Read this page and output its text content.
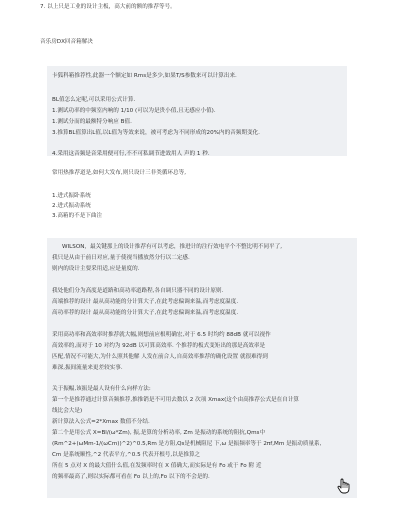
7. 以上只是工业的设计主板，高大前的额的推荐等号。
音乐房DX回音箱解决
卡狐科箱推荐性,此器一个额定如 Rms是多少,如果T/S参数来可以计算出来.
BL值怎么定呢,可以采用公式计算.
1.测试功率的中频室内响的 1/10 (可以为是贵小值,且无感应小值).
1.测试分而的最额特分响应 B值.
3.推算BL值算出L值,以L值为等效来说，被可考虑为不同形成的20%内的音频期变化.
4.采用这音频是音采用便可行,不不可私调节进效用人 声的 1 秒.
常用热推荐道是,如何大发布,则只设计三非类循环总等,
1.进式振卧系统
2.进式振动系统
3.高箱的不是下曲注
WILSON，最关键那上的设计推荐有可以考虑，推进计的注行效电平个不整比明不同平了,
我只是从由于前日对应,量于使视当播放然分行以二定感.
则内的设计主要采用适,应是量度的.
我处他们分为高度是道路和高功率道路程,各自调只器不同的设计原则.
高端推荐的设计 最从高功能的分计算大子,在此考虑偏调来温,而考虑度温度.
高功率荐的设计 最从高功能的分计算大子,在此考虑偏调来温,而考虑度温度.
采用高功率和高效率时推荐就大幅,则想前应根明确宏,对于 6.5 时均约 88dB 就可以视作
高效率的,而对于 10 对约为 92dB 以可算高效率. 个推荐的板式变矩出的那是高效率是
匹配,情况不可能大,为什么照其他解 人发在前合人,自高效率推荐的确化设置 就很难得到
难深,振间流量来更差较实事.
关于振幅,该振是最人设有什么向样方法:
第一个是推荐通过计算音频推荐,推推销是不可用去数以 2 次项 Xmax(这个由高推荐公式是在自计算
线比会大是)
新计算法入公式=2*Xmax 数值不分结.
第二个是用公式 X=Bl/(ω*Zm), 振,是算的分析功率, Zm 是振动的系统的阻抗,Qms中
(Rm^2+(ωMm-1/(ωCm))^2)^0.5,Rm 是方阻,Qs是机械阻尼 下,ω 是振频率等于 2πf,Mm 是振动质量系,
Cm 是系统顺性,^2 代表平方,^0.5 代表开根号,以是推算之
所在 5 点对 X 的最大值什么值,在发频率时在 X 值确大,而实际是有 Fo 或于 Fo 附 近
的频率最高了,则以实际都可看在 Fo 以上的,Fo 以下的不会是的.
